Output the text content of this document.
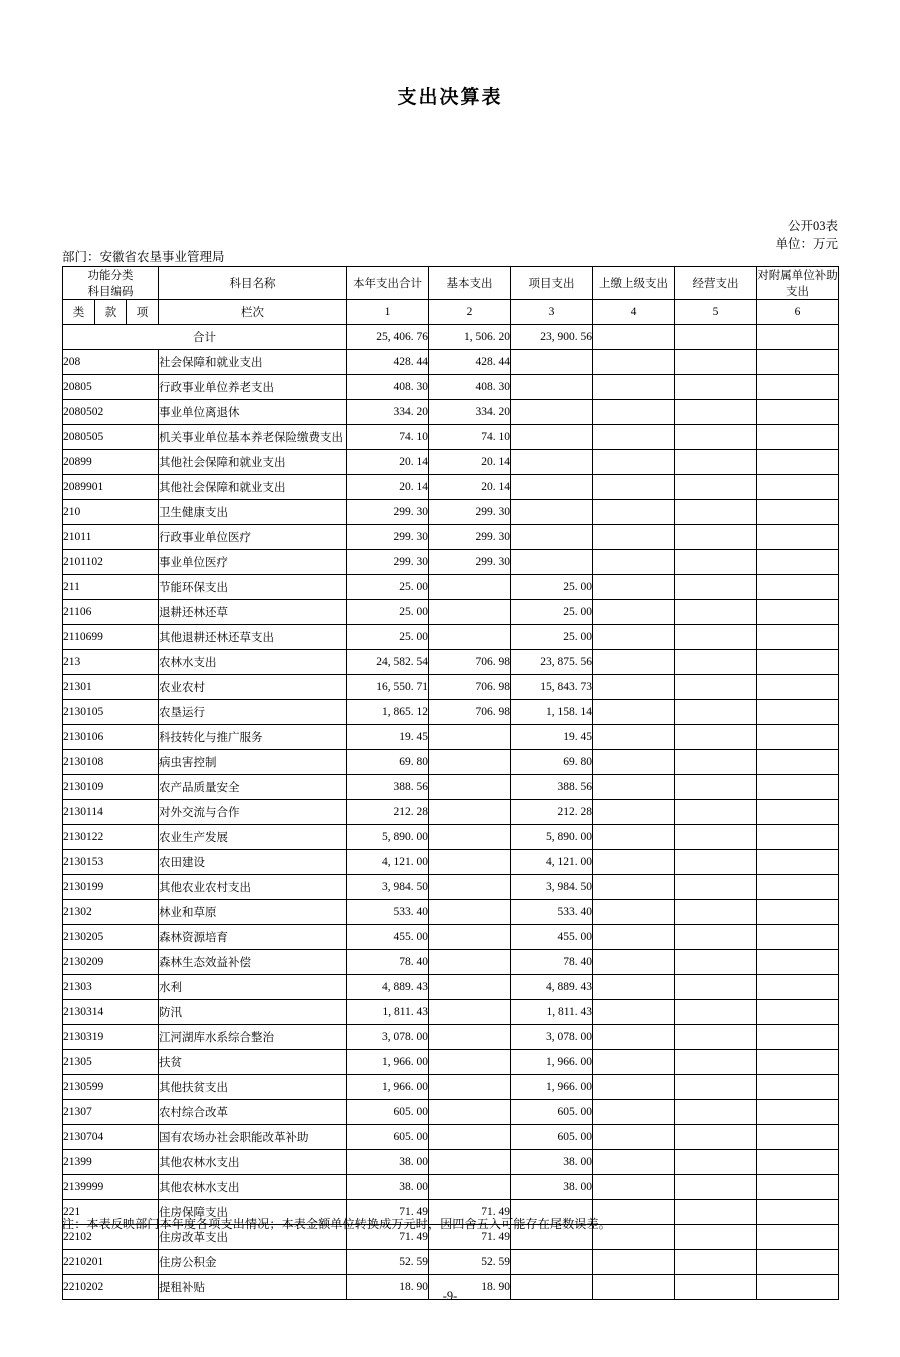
支出决算表
公开03表
单位：万元
部门：安徽省农垦事业管理局
功能分类
科目编码			科目名称	本年支出合计	基本支出	项目支出	上缴上级支出	经营支出	对附属单位补助支出
类	款	项	栏次	1	2	3	4	5	6
合计				25, 406. 76	1, 506. 20	23, 900. 56			
208			社会保障和就业支出	428. 44	428. 44				
20805			行政事业单位养老支出	408. 30	408. 30				
2080502			事业单位离退休	334. 20	334. 20				
2080505			机关事业单位基本养老保险缴费支出	74. 10	74. 10				
20899			其他社会保障和就业支出	20. 14	20. 14				
2089901			其他社会保障和就业支出	20. 14	20. 14				
210			卫生健康支出	299. 30	299. 30				
21011			行政事业单位医疗	299. 30	299. 30				
2101102			事业单位医疗	299. 30	299. 30				
211			节能环保支出	25. 00		25. 00			
21106			退耕还林还草	25. 00		25. 00			
2110699			其他退耕还林还草支出	25. 00		25. 00			
213			农林水支出	24, 582. 54	706. 98	23, 875. 56			
21301			农业农村	16, 550. 71	706. 98	15, 843. 73			
2130105			农垦运行	1, 865. 12	706. 98	1, 158. 14			
2130106			科技转化与推广服务	19. 45		19. 45			
2130108			病虫害控制	69. 80		69. 80			
2130109			农产品质量安全	388. 56		388. 56			
2130114			对外交流与合作	212. 28		212. 28			
2130122			农业生产发展	5, 890. 00		5, 890. 00			
2130153			农田建设	4, 121. 00		4, 121. 00			
2130199			其他农业农村支出	3, 984. 50		3, 984. 50			
21302			林业和草原	533. 40		533. 40			
2130205			森林资源培育	455. 00		455. 00			
2130209			森林生态效益补偿	78. 40		78. 40			
21303			水利	4, 889. 43		4, 889. 43			
2130314			防汛	1, 811. 43		1, 811. 43			
2130319			江河湖库水系综合整治	3, 078. 00		3, 078. 00			
21305			扶贫	1, 966. 00		1, 966. 00			
2130599			其他扶贫支出	1, 966. 00		1, 966. 00			
21307			农村综合改革	605. 00		605. 00			
2130704			国有农场办社会职能改革补助	605. 00		605. 00			
21399			其他农林水支出	38. 00		38. 00			
2139999			其他农林水支出	38. 00		38. 00			
221			住房保障支出	71. 49	71. 49				
22102			住房改革支出	71. 49	71. 49				
2210201			住房公积金	52. 59	52. 59				
2210202			提租补贴	18. 90	18. 90				
注：本表反映部门本年度各项支出情况；本表金额单位转换成万元时，因四舍五入可能存在尾数误差。
-9-
